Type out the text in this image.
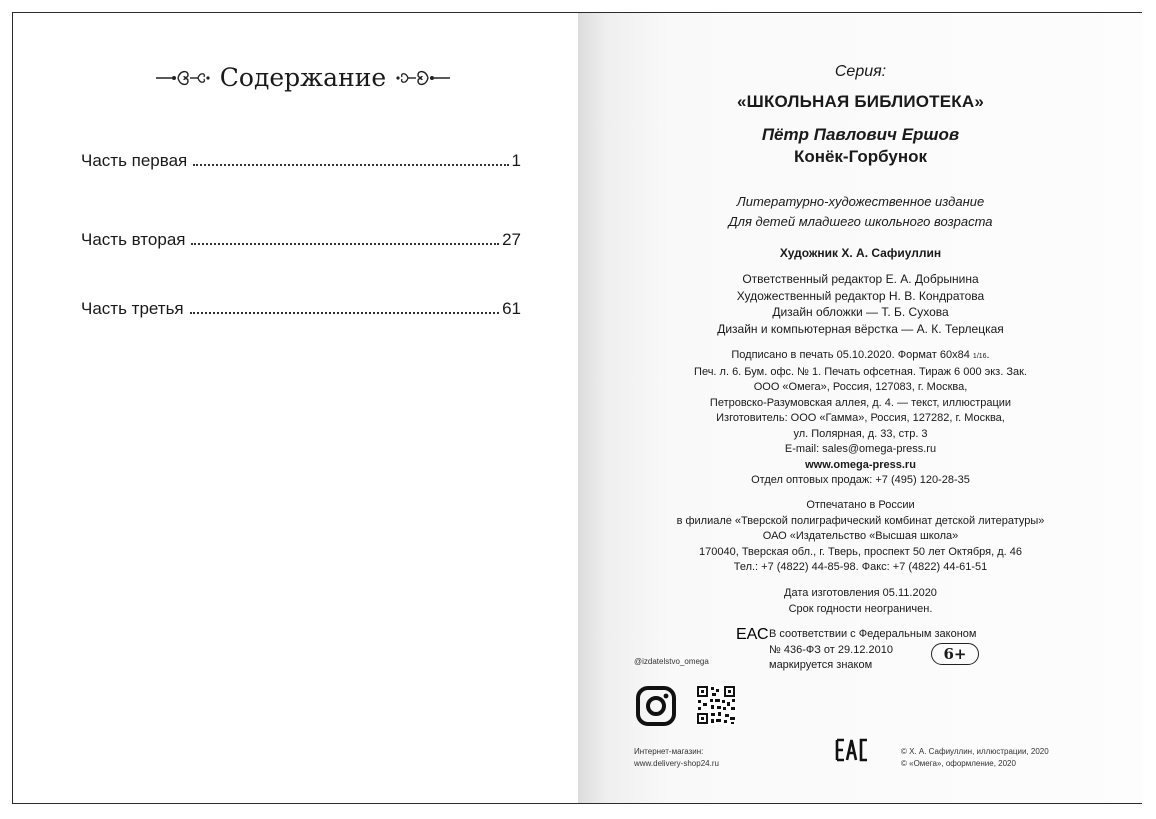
Содержание
Часть первая	1
Часть вторая	27
Часть третья	61
Серия:
«ШКОЛЬНАЯ БИБЛИОТЕКА»
Пётр Павлович Ершов
Конёк-Горбунок
Литературно-художественное издание
Для детей младшего школьного возраста
Художник Х. А. Сафиуллин
Ответственный редактор Е. А. Добрынина
Художественный редактор Н. В. Кондратова
Дизайн обложки — Т. Б. Сухова
Дизайн и компьютерная вёрстка — А. К. Терлецкая
Подписано в печать 05.10.2020. Формат 60х84 1/16.
Печ. л. 6. Бум. офс. № 1. Печать офсетная. Тираж 6 000 экз. Зак.
ООО «Омега», Россия, 127083, г. Москва,
Петровско-Разумовская аллея, д. 4. — текст, иллюстрации
Изготовитель: ООО «Гамма», Россия, 127282, г. Москва,
ул. Полярная, д. 33, стр. 3
E-mail: sales@omega-press.ru
www.omega-press.ru
Отдел оптовых продаж: +7 (495) 120-28-35
Отпечатано в России
в филиале «Тверской полиграфический комбинат детской литературы»
ОАО «Издательство «Высшая школа»
170040, Тверская обл., г. Тверь, проспект 50 лет Октября, д. 46
Тел.: +7 (4822) 44-85-98. Факс: +7 (4822) 44-61-51
Дата изготовления 05.11.2020
Срок годности неограничен.
В соответствии с Федеральным законом
№ 436-ФЗ от 29.12.2010
маркируется знаком
6+
@izdatelstvo_omega
Интернет-магазин:
www.delivery-shop24.ru
ЕАС
© Х. А. Сафиуллин, иллюстрации, 2020
© «Омега», оформление, 2020
